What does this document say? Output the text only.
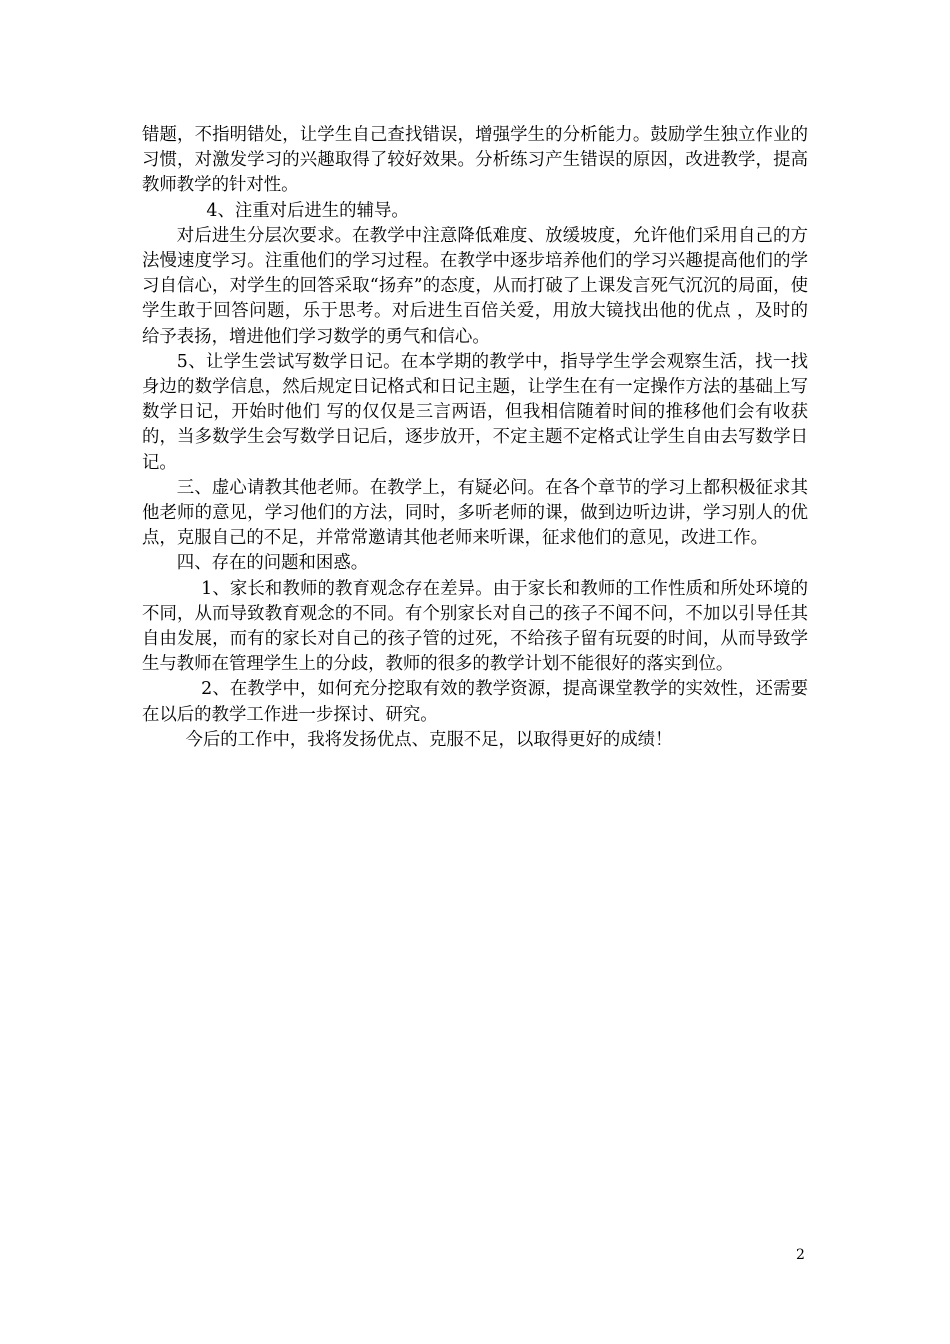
错题，不指明错处，让学生自己查找错误，增强学生的分析能力。鼓励学生独立作业的习惯，对激发学习的兴趣取得了较好效果。分析练习产生错误的原因，改进教学，提高教师教学的针对性。

4、注重对后进生的辅导。

对后进生分层次要求。在教学中注意降低难度、放缓坡度，允许他们采用自己的方法慢速度学习。注重他们的学习过程。在教学中逐步培养他们的学习兴趣提高他们的学习自信心，对学生的回答采取“扬弃”的态度，从而打破了上课发言死气沉沉的局面，使学生敢于回答问题，乐于思考。对后进生百倍关爱，用放大镜找出他的优点 ，及时的给予表扬，增进他们学习数学的勇气和信心。

5、让学生尝试写数学日记。在本学期的教学中，指导学生学会观察生活，找一找身边的数学信息，然后规定日记格式和日记主题，让学生在有一定操作方法的基础上写数学日记，开始时他们 写的仅仅是三言两语，但我相信随着时间的推移他们会有收获的，当多数学生会写数学日记后，逐步放开，不定主题不定格式让学生自由去写数学日记。

三、虚心请教其他老师。在教学上，有疑必问。在各个章节的学习上都积极征求其他老师的意见，学习他们的方法，同时，多听老师的课，做到边听边讲，学习别人的优点，克服自己的不足，并常常邀请其他老师来听课，征求他们的意见，改进工作。

四、存在的问题和困惑。

1、家长和教师的教育观念存在差异。由于家长和教师的工作性质和所处环境的不同，从而导致教育观念的不同。有个别家长对自己的孩子不闻不问，不加以引导任其自由发展，而有的家长对自己的孩子管的过死，不给孩子留有玩耍的时间，从而导致学生与教师在管理学生上的分歧，教师的很多的教学计划不能很好的落实到位。

2、在教学中，如何充分挖取有效的教学资源，提高课堂教学的实效性，还需要在以后的教学工作进一步探讨、研究。

今后的工作中，我将发扬优点、克服不足，以取得更好的成绩！

2
